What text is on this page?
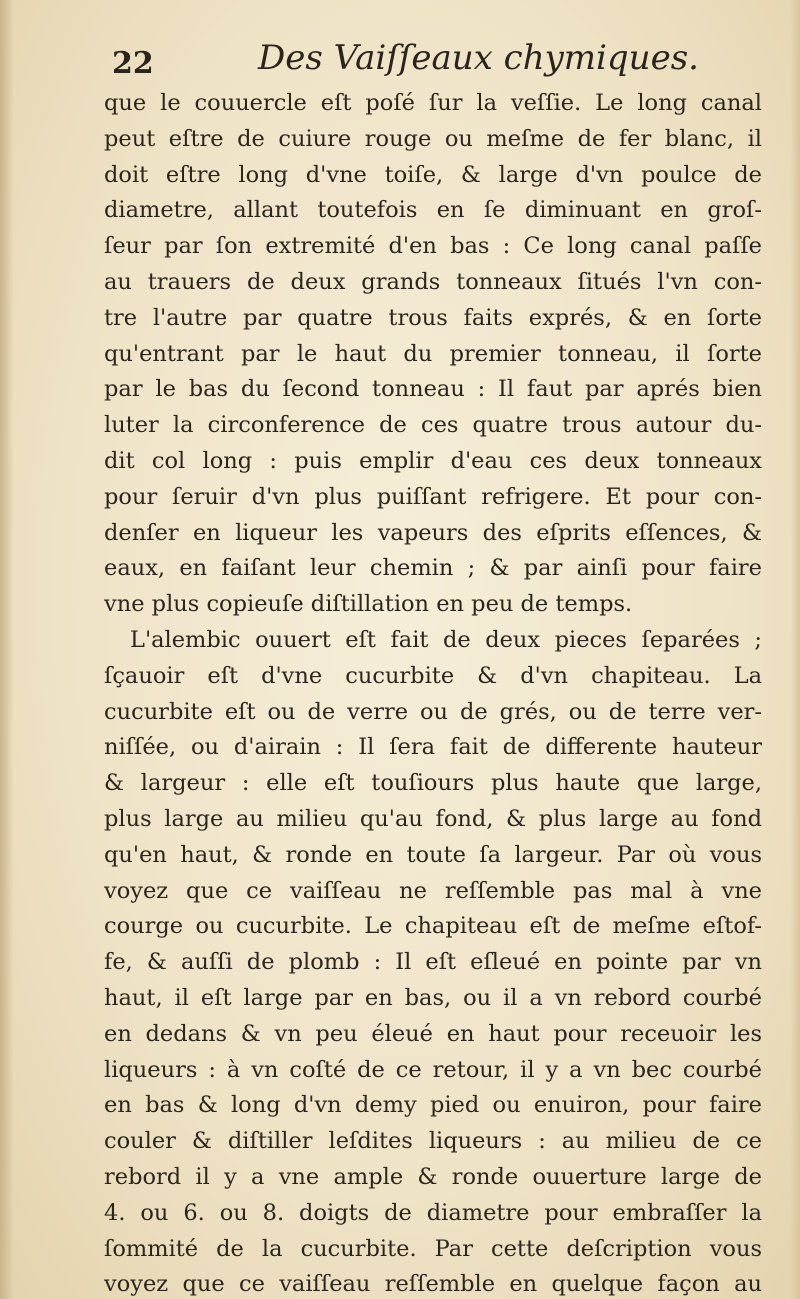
22	Des Vaiſſeaux chymiques.
que le couuercle eſt poſé ſur la veſſie. Le long canal
peut eſtre de cuiure rouge ou meſme de fer blanc, il
doit eſtre long d'vne toiſe, & large d'vn poulce de
diametre, allant toutefois en ſe diminuant en groſ-
ſeur par ſon extremité d'en bas : Ce long canal paſſe
au trauers de deux grands tonneaux ſitués l'vn con-
tre l'autre par quatre trous faits exprés, & en ſorte
qu'entrant par le haut du premier tonneau, il ſorte
par le bas du ſecond tonneau : Il faut par aprés bien
luter la circonference de ces quatre trous autour du-
dit col long : puis emplir d'eau ces deux tonneaux
pour ſeruir d'vn plus puiſſant refrigere. Et pour con-
denſer en liqueur les vapeurs des eſprits eſſences, &
eaux, en faiſant leur chemin ; & par ainſi pour faire
vne plus copieuſe diſtillation en peu de temps.
L'alembic ouuert eſt fait de deux pieces ſeparées ;
ſçauoir eſt d'vne cucurbite & d'vn chapiteau. La
cucurbite eſt ou de verre ou de grés, ou de terre ver-
niſſée, ou d'airain : Il ſera fait de differente hauteur
& largeur : elle eſt touſiours plus haute que large,
plus large au milieu qu'au fond, & plus large au fond
qu'en haut, & ronde en toute ſa largeur. Par où vous
voyez que ce vaiſſeau ne reſſemble pas mal à vne
courge ou cucurbite. Le chapiteau eſt de meſme eſtof-
fe, & auſſi de plomb : Il eſt eſleué en pointe par vn
haut, il eſt large par en bas, ou il a vn rebord courbé
en dedans & vn peu éleué en haut pour receuoir les
liqueurs : à vn coſté de ce retour, il y a vn bec courbé
en bas & long d'vn demy pied ou enuiron, pour faire
couler & diſtiller leſdites liqueurs : au milieu de ce
rebord il y a vne ample & ronde ouuerture large de
4. ou 6. ou 8. doigts de diametre pour embraſſer la
ſommité de la cucurbite. Par cette deſcription vous
voyez que ce vaiſſeau reſſemble en quelque façon au
